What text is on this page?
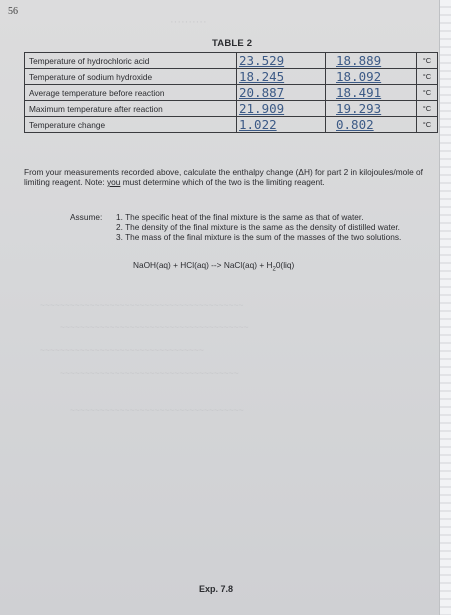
56
··········
~~~~~~~~~~~~~~~~~~~~~~~~~~~~~~~~~~~~~~~~~
~~~~~~~~~~~~~~~~~~~~~~~~~~~~~~~~~~~~~~
~~~~~~~~~~~~~~~~~~~~~~~~~~~~~~~~~
~~~~~~~~~~~~~~~~~~~~~~~~~~~~~~~~~~~~
~~~~~~~~~~~~~~~~~~~~~~~~~~~~~~~~~~~
TABLE 2
Temperature of hydrochloric acid	23.529	18.889	°C
Temperature of sodium hydroxide	18.245	18.092	°C
Average temperature before reaction	20.887	18.491	°C
Maximum temperature after reaction	21.909	19.293	°C
Temperature change	1.022	0.802	°C
From your measurements recorded above, calculate the enthalpy change (ΔH) for part 2 in kilojoules/mole of limiting reagent. Note: you must determine which of the two is the limiting reagent.
Assume: 1. The specific heat of the final mixture is the same as that of water.
2. The density of the final mixture is the same as the density of distilled water.
3. The mass of the final mixture is the sum of the masses of the two solutions.
NaOH(aq) + HCl(aq) --> NaCl(aq) + $H_20(liq)$
Exp. 7.8
